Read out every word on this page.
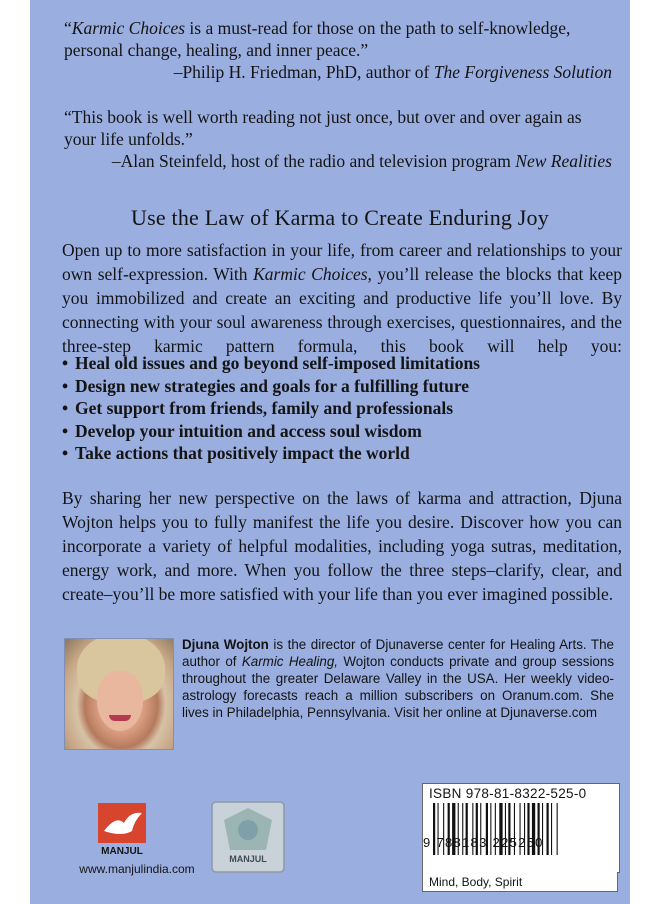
“Karmic Choices is a must-read for those on the path to self-knowledge, personal change, healing, and inner peace.”

–Philip H. Friedman, PhD, author of The Forgiveness Solution

“This book is well worth reading not just once, but over and over again as your life unfolds.”

–Alan Steinfeld, host of the radio and television program New Realities

Use the Law of Karma to Create Enduring Joy
Open up to more satisfaction in your life, from career and relationships to your own self-expression. With Karmic Choices, you’ll release the blocks that keep you immobilized and create an exciting and productive life you’ll love. By connecting with your soul awareness through exercises, questionnaires, and the three-step karmic pattern formula, this book will help you:
• Heal old issues and go beyond self-imposed limitations
• Design new strategies and goals for a fulfilling future
• Get support from friends, family and professionals
• Develop your intuition and access soul wisdom
• Take actions that positively impact the world
By sharing her new perspective on the laws of karma and attraction, Djuna Wojton helps you to fully manifest the life you desire. Discover how you can incorporate a variety of helpful modalities, including yoga sutras, meditation, energy work, and more. When you follow the three steps–clarify, clear, and create–you’ll be more satisfied with your life than you ever imagined possible.
Djuna Wojton is the director of Djunaverse center for Healing Arts. The author of Karmic Healing, Wojton conducts private and group sessions throughout the greater Delaware Valley in the USA. Her weekly video-astrology forecasts reach a million subscribers on Oranum.com. She lives in Philadelphia, Pennsylvania. Visit her online at Djunaverse.com
MANJUL
www.manjulindia.com
MANJUL
ISBN 978-81-8322-525-0
9 788183 225250
Mind, Body, Spirit
